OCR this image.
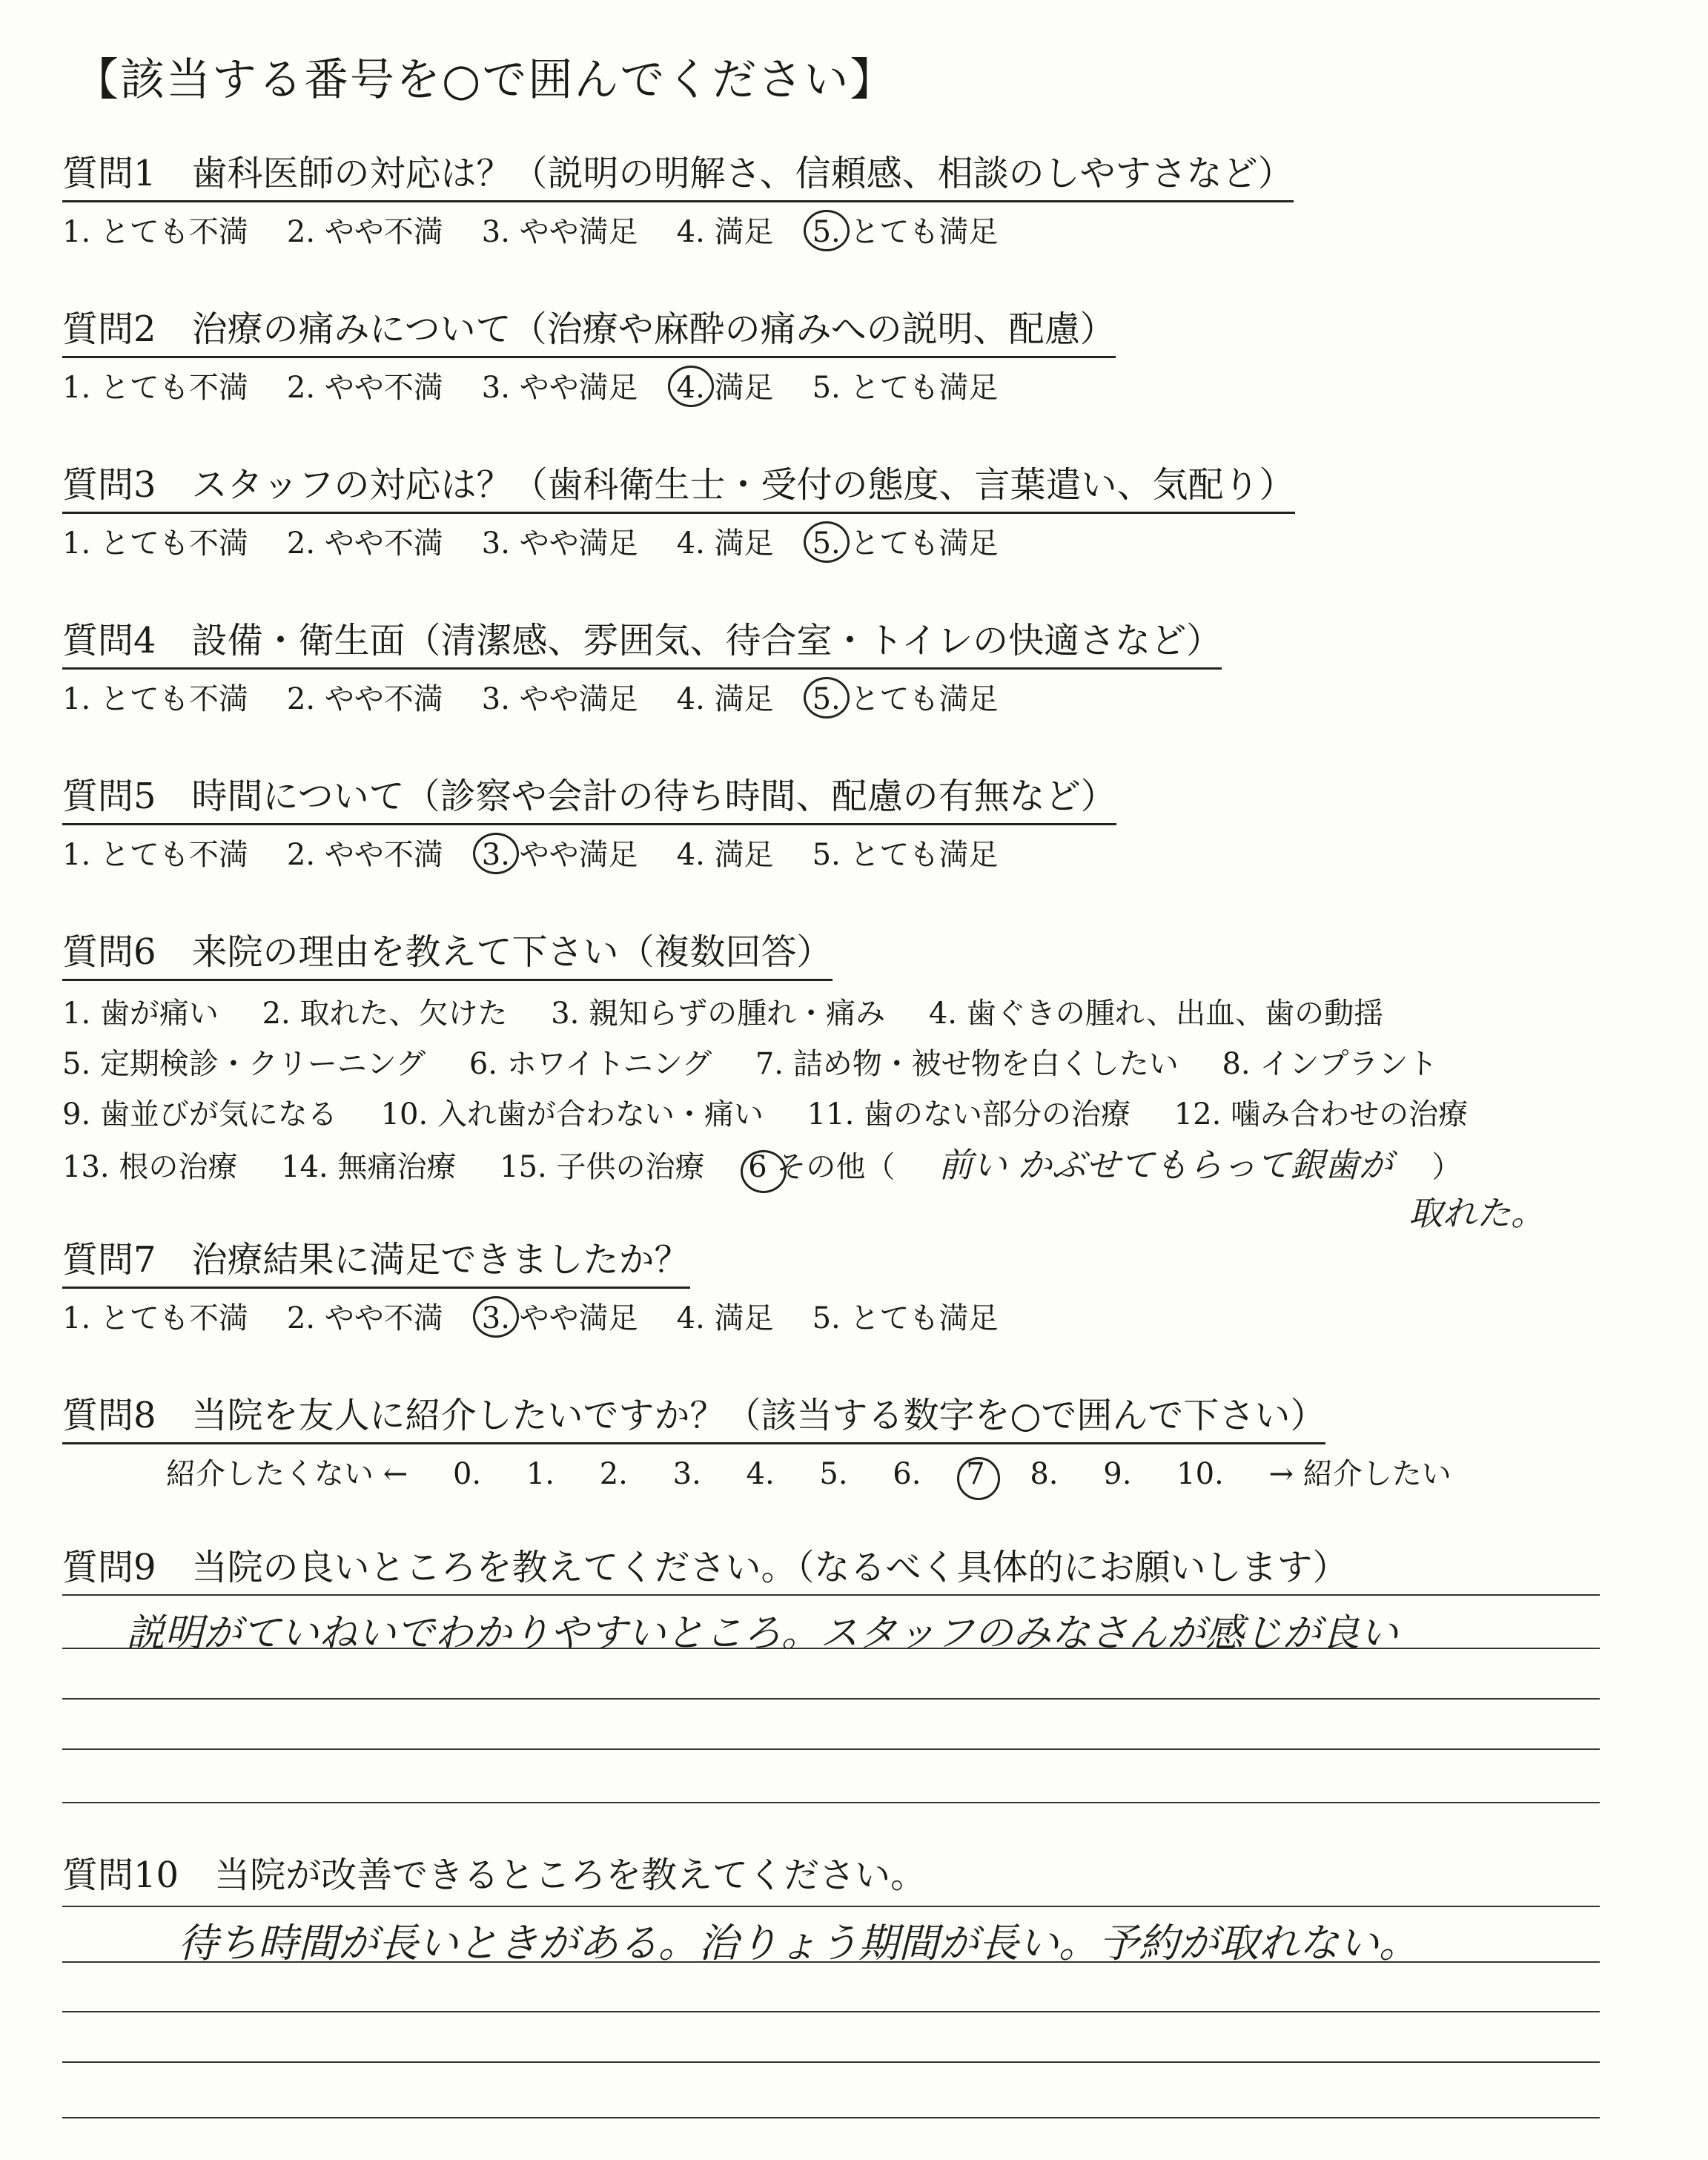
【該当する番号を○で囲んでください】
質問1　歯科医師の対応は？（説明の明解さ、信頼感、相談のしやすさなど）
1. とても不満 2. やや不満 3. やや満足 4. 満足 5. とても満足
質問2　治療の痛みについて（治療や麻酔の痛みへの説明、配慮）
1. とても不満 2. やや不満 3. やや満足 4. 満足 5. とても満足
質問3　スタッフの対応は？（歯科衛生士・受付の態度、言葉遣い、気配り）
1. とても不満 2. やや不満 3. やや満足 4. 満足 5. とても満足
質問4　設備・衛生面（清潔感、雰囲気、待合室・トイレの快適さなど）
1. とても不満 2. やや不満 3. やや満足 4. 満足 5. とても満足
質問5　時間について（診察や会計の待ち時間、配慮の有無など）
1. とても不満 2. やや不満 3. やや満足 4. 満足 5. とても満足
質問6　来院の理由を教えて下さい（複数回答）
1. 歯が痛い 2. 取れた、欠けた 3. 親知らずの腫れ・痛み 4. 歯ぐきの腫れ、出血、歯の動揺
5. 定期検診・クリーニング 6. ホワイトニング 7. 詰め物・被せ物を白くしたい 8. インプラント
9. 歯並びが気になる 10. 入れ歯が合わない・痛い 11. 歯のない部分の治療 12. 噛み合わせの治療
13. 根の治療 14. 無痛治療 15. 子供の治療 6 その他（ 前い かぶせてもらって銀歯が ）
取れた。
質問7　治療結果に満足できましたか？
1. とても不満 2. やや不満 3. やや満足 4. 満足 5. とても満足
質問8　当院を友人に紹介したいですか？（該当する数字を○で囲んで下さい）
紹介したくない ← 0. 1. 2. 3. 4. 5. 6. 7 8. 9. 10. → 紹介したい
質問9　当院の良いところを教えてください。（なるべく具体的にお願いします）
説明がていねいでわかりやすいところ。スタッフのみなさんが感じが良い
質問10　当院が改善できるところを教えてください。
待ち時間が長いときがある。治りょう期間が長い。予約が取れない。
